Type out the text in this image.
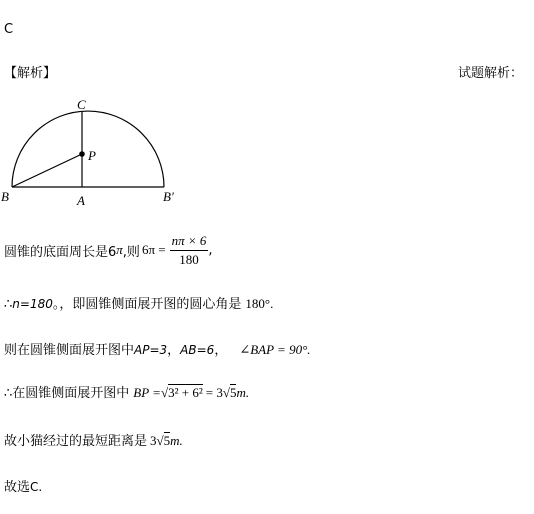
C
【解析】	试题解析：
C
P
B	A	B′
圆锥的底面周长是6 π ,则 $6\pi = \frac{n\pi \times 6}{180}$ ,
∴n=180。，即圆锥侧面展开图的圆心角是 180°.
则在圆锥侧面展开图中AP=3，AB=6， ∠BAP = 90°.
∴在圆锥侧面展开图中 BP =√3² + 6² = 3√5m.
故小猫经过的最短距离是 3√5m.
故选C.
